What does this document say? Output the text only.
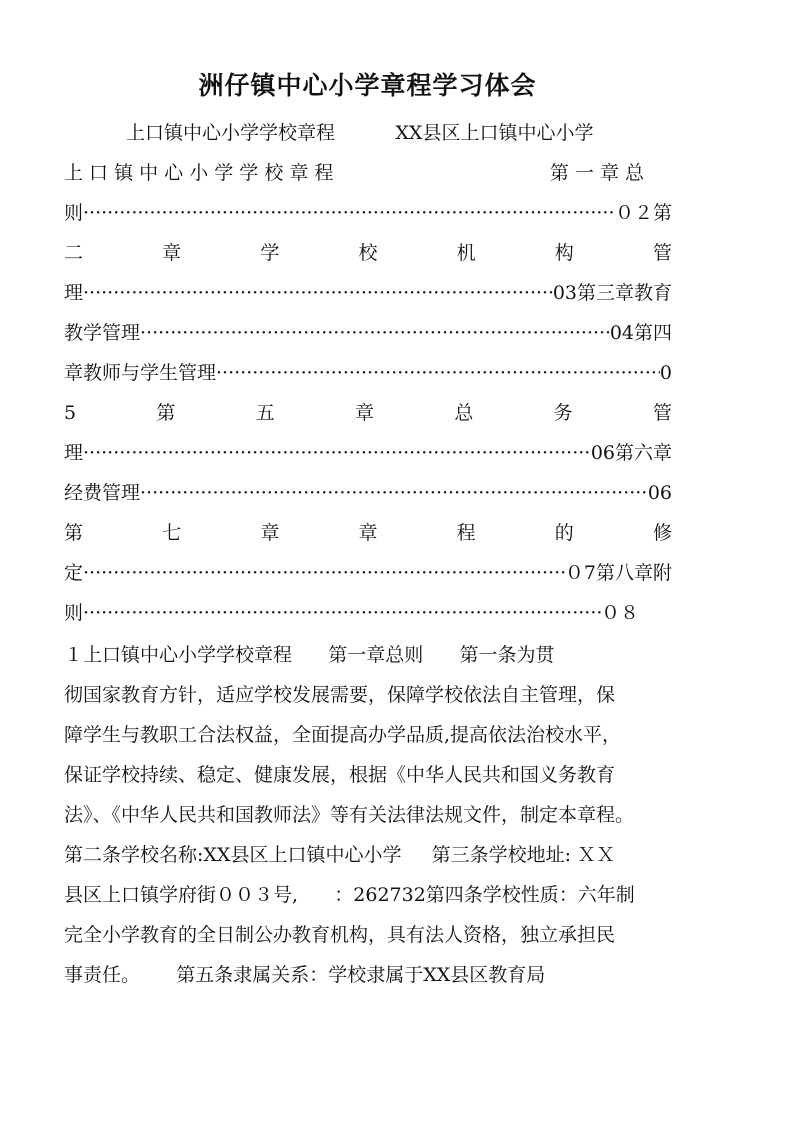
洲仔镇中心小学章程学习体会
上口镇中心小学学校章程          XX县区上口镇中心小学
上 口 镇 中 心 小 学 学 校 章 程	第 一 章 总
则 ·····	０２第
二	章	学	校	机	构	管
理 ·····	03第三章教育
教学管理 ·····	04第四
章教师与学生管理 ·····	0
5	第	五	章	总	务	管
理 ·····	06第六章
经费管理 ·····	06
第	七	章	章	程	的	修
定 ·····	０7第八章附
则 ·····	０８
１上口镇中心小学学校章程      第一章总则      第一条为贯
彻国家教育方针，适应学校发展需要，保障学校依法自主管理，保
障学生与教职工合法权益，全面提高办学品质,提高依法治校水平，
保证学校持续、稳定、健康发展，根据《中华人民共和国义务教育
法》、《中华人民共和国教师法》等有关法律法规文件，制定本章程。
第二条学校名称:XX县区上口镇中心小学     第三条学校地址: ＸＸ
县区上口镇学府街００３号,      ：262732第四条学校性质：六年制
完全小学教育的全日制公办教育机构，具有法人资格，独立承担民
事责任。      第五条隶属关系：学校隶属于XX县区教育局
